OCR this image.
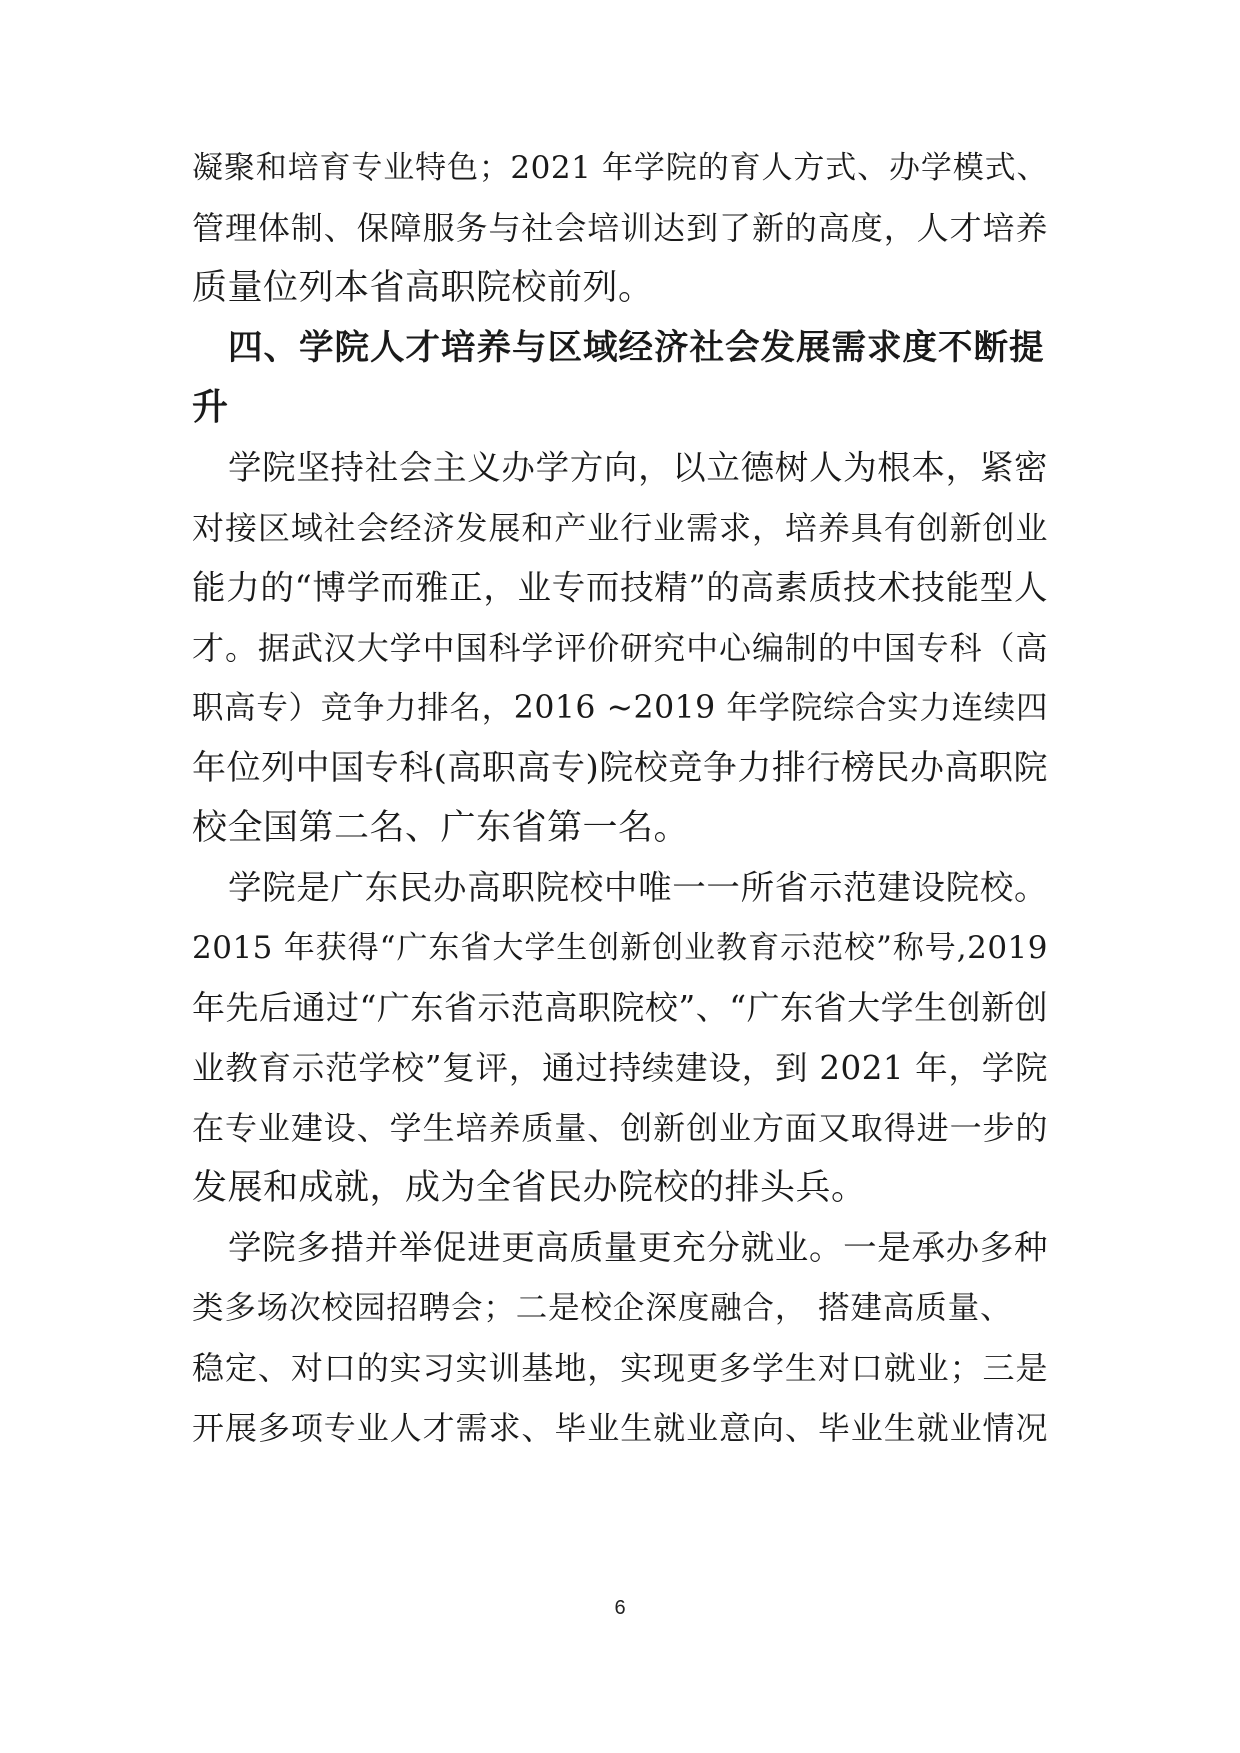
凝聚和培育专业特色；2021 年学院的育人方式、办学模式、
管理体制、保障服务与社会培训达到了新的高度，人才培养
质量位列本省高职院校前列。
四、学院人才培养与区域经济社会发展需求度不断提
升
学院坚持社会主义办学方向，以立德树人为根本，紧密
对接区域社会经济发展和产业行业需求，培养具有创新创业
能力的“博学而雅正，业专而技精”的高素质技术技能型人
才。据武汉大学中国科学评价研究中心编制的中国专科（高
职高专）竞争力排名，2016 ~2019 年学院综合实力连续四
年位列中国专科(高职高专)院校竞争力排行榜民办高职院
校全国第二名、广东省第一名。
学院是广东民办高职院校中唯一一所省示范建设院校。
2015 年获得“广东省大学生创新创业教育示范校”称号,2019
年先后通过“广东省示范高职院校”、“广东省大学生创新创
业教育示范学校”复评，通过持续建设，到 2021 年，学院
在专业建设、学生培养质量、创新创业方面又取得进一步的
发展和成就，成为全省民办院校的排头兵。
学院多措并举促进更高质量更充分就业。一是承办多种
类多场次校园招聘会；二是校企深度融合， 搭建高质量、
稳定、对口的实习实训基地，实现更多学生对口就业；三是
开展多项专业人才需求、毕业生就业意向、毕业生就业情况
6
